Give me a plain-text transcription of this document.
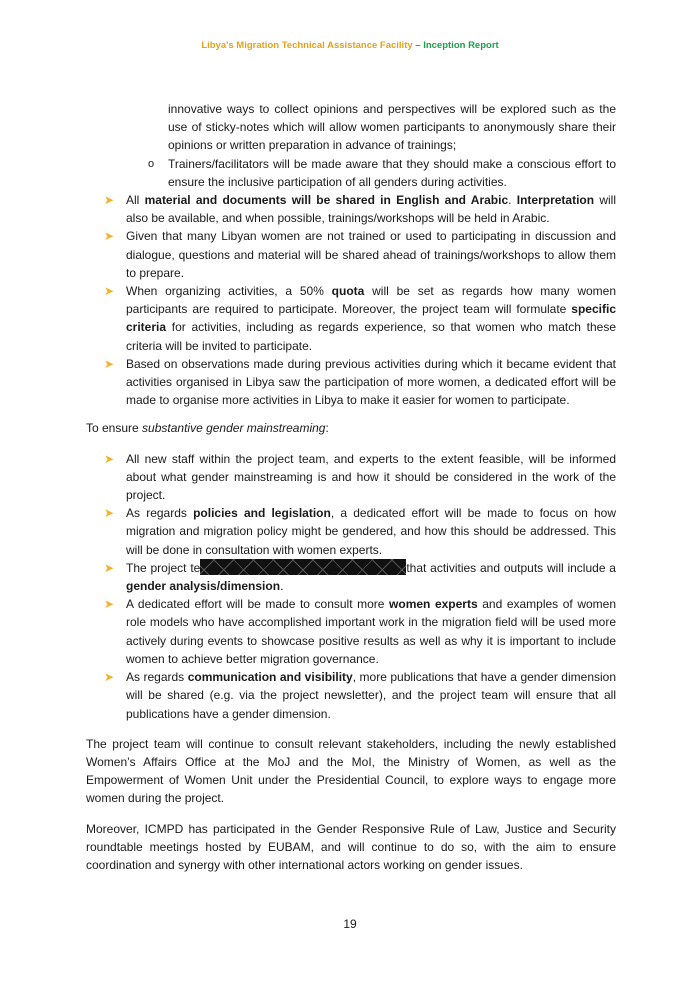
Libya's Migration Technical Assistance Facility – Inception Report

innovative ways to collect opinions and perspectives will be explored such as the use of sticky-notes which will allow women participants to anonymously share their opinions or written preparation in advance of trainings;

o Trainers/facilitators will be made aware that they should make a conscious effort to ensure the inclusive participation of all genders during activities.

➤ All material and documents will be shared in English and Arabic. Interpretation will also be available, and when possible, trainings/workshops will be held in Arabic.

➤ Given that many Libyan women are not trained or used to participating in discussion and dialogue, questions and material will be shared ahead of trainings/workshops to allow them to prepare.

➤ When organizing activities, a 50% quota will be set as regards how many women participants are required to participate. Moreover, the project team will formulate specific criteria for activities, including as regards experience, so that women who match these criteria will be invited to participate.

➤ Based on observations made during previous activities during which it became evident that activities organised in Libya saw the participation of more women, a dedicated effort will be made to organise more activities in Libya to make it easier for women to participate.

To ensure substantive gender mainstreaming:

➤ All new staff within the project team, and experts to the extent feasible, will be informed about what gender mainstreaming is and how it should be considered in the work of the project.

➤ As regards policies and legislation, a dedicated effort will be made to focus on how migration and migration policy might be gendered, and how this should be addressed. This will be done in consultation with women experts.

➤ The project te	that activities and outputs will include a gender analysis/dimension.

➤ A dedicated effort will be made to consult more women experts and examples of women role models who have accomplished important work in the migration field will be used more actively during events to showcase positive results as well as why it is important to include women to achieve better migration governance.

➤ As regards communication and visibility, more publications that have a gender dimension will be shared (e.g. via the project newsletter), and the project team will ensure that all publications have a gender dimension.

The project team will continue to consult relevant stakeholders, including the newly established Women’s Affairs Office at the MoJ and the MoI, the Ministry of Women, as well as the Empowerment of Women Unit under the Presidential Council, to explore ways to engage more women during the project.

Moreover, ICMPD has participated in the Gender Responsive Rule of Law, Justice and Security roundtable meetings hosted by EUBAM, and will continue to do so, with the aim to ensure coordination and synergy with other international actors working on gender issues.

19
